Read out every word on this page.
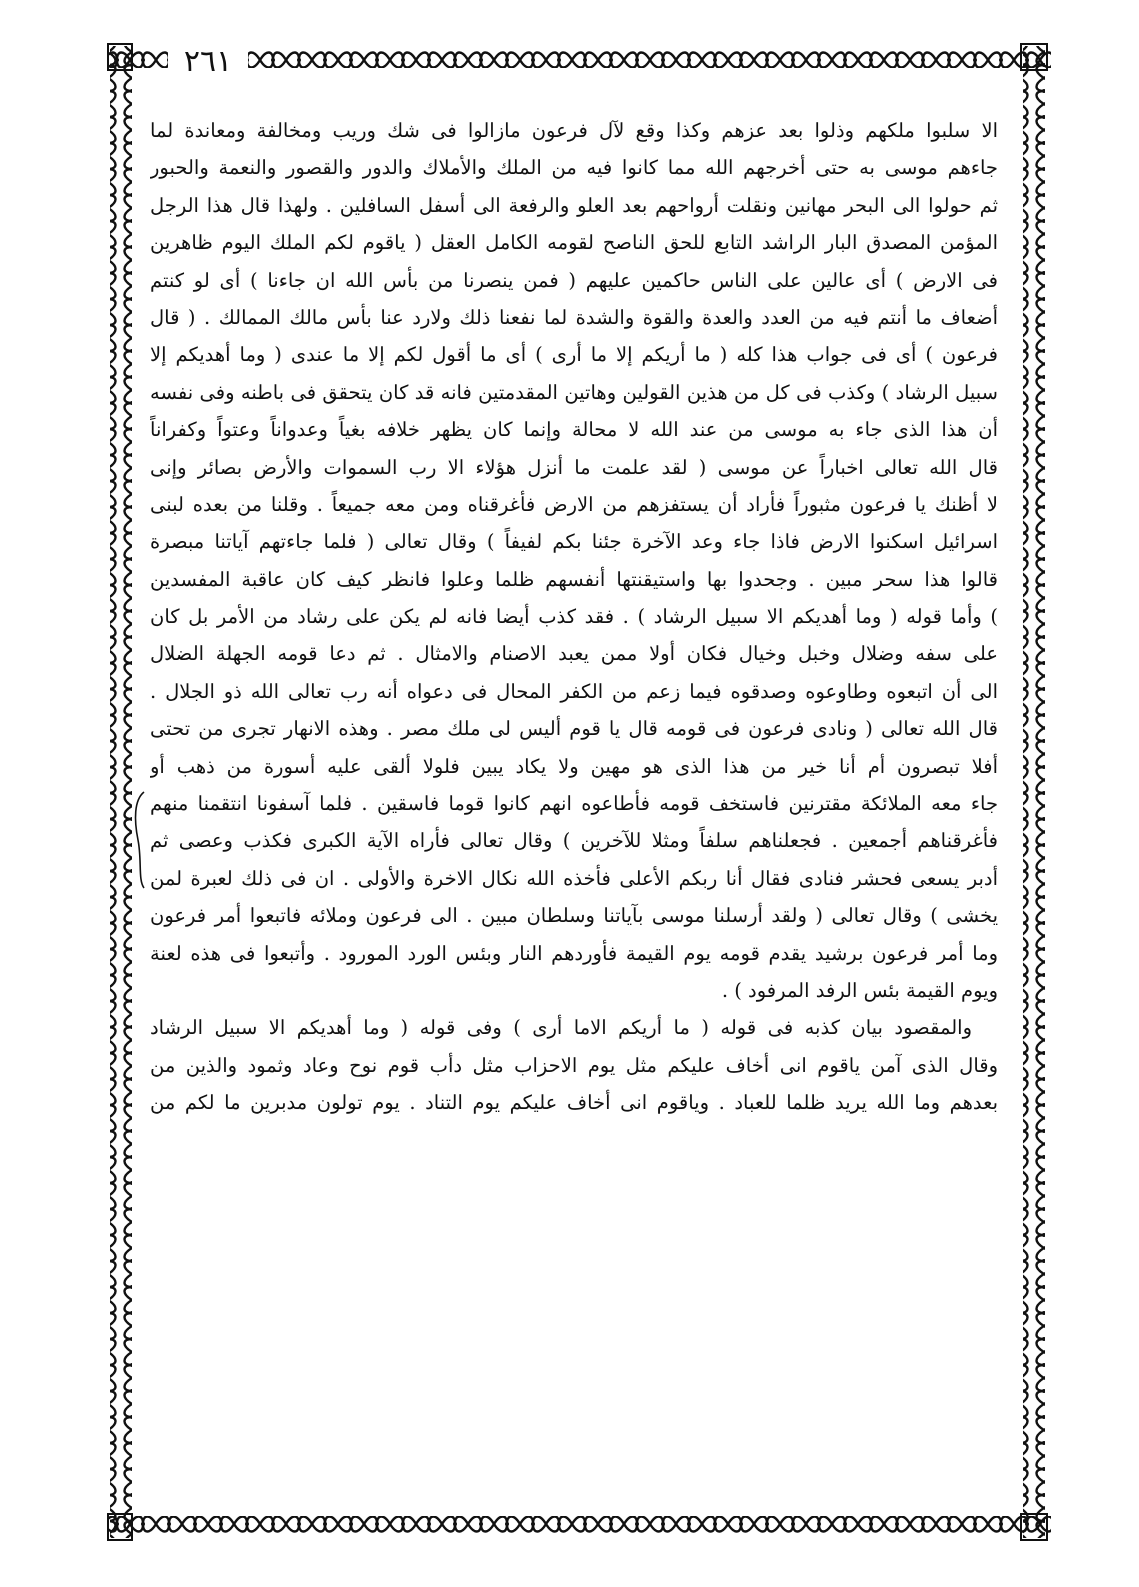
٢٦١
الا سلبوا ملكهم وذلوا بعد عزهم وكذا وقع لآل فرعون مازالوا فى شك وريب ومخالفة ومعاندة لما
جاءهم موسى به حتى أخرجهم الله مما كانوا فيه من الملك والأملاك والدور والقصور والنعمة والحبور
ثم حولوا الى البحر مهانين ونقلت أرواحهم بعد العلو والرفعة الى أسفل السافلين . ولهذا قال هذا الرجل
المؤمن المصدق البار الراشد التابع للحق الناصح لقومه الكامل العقل ( ياقوم لكم الملك اليوم ظاهرين
فى الارض ) أى عالين على الناس حاكمين عليهم ( فمن ينصرنا من بأس الله ان جاءنا ) أى لو كنتم
أضعاف ما أنتم فيه من العدد والعدة والقوة والشدة لما نفعنا ذلك ولارد عنا بأس مالك الممالك . ( قال
فرعون ) أى فى جواب هذا كله ( ما أريكم إلا ما أرى ) أى ما أقول لكم إلا ما عندى ( وما أهديكم إلا
سبيل الرشاد ) وكذب فى كل من هذين القولين وهاتين المقدمتين فانه قد كان يتحقق فى باطنه وفى نفسه
أن هذا الذى جاء به موسى من عند الله لا محالة وإنما كان يظهر خلافه بغياً وعدواناً وعتواً وكفراناً
قال الله تعالى اخباراً عن موسى ( لقد علمت ما أنزل هؤلاء الا رب السموات والأرض بصائر وإنى
لا أظنك يا فرعون مثبوراً فأراد أن يستفزهم من الارض فأغرقناه ومن معه جميعاً . وقلنا من بعده لبنى
اسرائيل اسكنوا الارض فاذا جاء وعد الآخرة جئنا بكم لفيفاً ) وقال تعالى ( فلما جاءتهم آياتنا مبصرة
قالوا هذا سحر مبين . وجحدوا بها واستيقنتها أنفسهم ظلما وعلوا فانظر كيف كان عاقبة المفسدين
) وأما قوله ( وما أهديكم الا سبيل الرشاد ) . فقد كذب أيضا فانه لم يكن على رشاد من الأمر بل كان
على سفه وضلال وخبل وخيال فكان أولا ممن يعبد الاصنام والامثال . ثم دعا قومه الجهلة الضلال
الى أن اتبعوه وطاوعوه وصدقوه فيما زعم من الكفر المحال فى دعواه أنه رب تعالى الله ذو الجلال .
قال الله تعالى ( ونادى فرعون فى قومه قال يا قوم أليس لى ملك مصر . وهذه الانهار تجرى من تحتى
أفلا تبصرون أم أنا خير من هذا الذى هو مهين ولا يكاد يبين فلولا ألقى عليه أسورة من ذهب أو
جاء معه الملائكة مقترنين فاستخف قومه فأطاعوه انهم كانوا قوما فاسقين . فلما آسفونا انتقمنا منهم
فأغرقناهم أجمعين . فجعلناهم سلفاً ومثلا للآخرين ) وقال تعالى فأراه الآية الكبرى فكذب وعصى ثم
أدبر يسعى فحشر فنادى فقال أنا ربكم الأعلى فأخذه الله نكال الاخرة والأولى . ان فى ذلك لعبرة لمن
يخشى ) وقال تعالى ( ولقد أرسلنا موسى بآياتنا وسلطان مبين . الى فرعون وملائه فاتبعوا أمر فرعون
وما أمر فرعون برشيد يقدم قومه يوم القيمة فأوردهم النار وبئس الورد المورود . وأتبعوا فى هذه لعنة
ويوم القيمة بئس الرفد المرفود ) .
والمقصود بيان كذبه فى قوله ( ما أريكم الاما أرى ) وفى قوله ( وما أهديكم الا سبيل الرشاد
وقال الذى آمن ياقوم انى أخاف عليكم مثل يوم الاحزاب مثل دأب قوم نوح وعاد وثمود والذين من
بعدهم وما الله يريد ظلما للعباد . وياقوم انى أخاف عليكم يوم التناد . يوم تولون مدبرين ما لكم من
